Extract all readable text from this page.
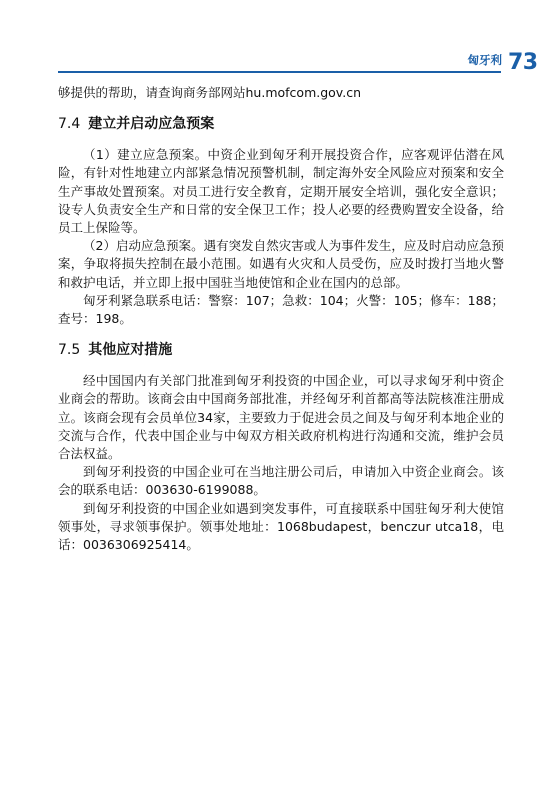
匈牙利 73

够提供的帮助，请查询商务部网站hu.mofcom.gov.cn

7.4 建立并启动应急预案

（1）建立应急预案。中资企业到匈牙利开展投资合作，应客观评估潜在风险，有针对性地建立内部紧急情况预警机制，制定海外安全风险应对预案和安全生产事故处置预案。对员工进行安全教育，定期开展安全培训，强化安全意识；设专人负责安全生产和日常的安全保卫工作；投人必要的经费购置安全设备，给员工上保险等。

（2）启动应急预案。遇有突发自然灾害或人为事件发生，应及时启动应急预案，争取将损失控制在最小范围。如遇有火灾和人员受伤，应及时拨打当地火警和救护电话，并立即上报中国驻当地使馆和企业在国内的总部。

匈牙利紧急联系电话：警察：107；急救：104；火警：105；修车：188；查号：198。

7.5 其他应对措施

经中国国内有关部门批准到匈牙利投资的中国企业，可以寻求匈牙利中资企业商会的帮助。该商会由中国商务部批准，并经匈牙利首都高等法院核准注册成立。该商会现有会员单位34家，主要致力于促进会员之间及与匈牙利本地企业的交流与合作，代表中国企业与中匈双方相关政府机构进行沟通和交流，维护会员合法权益。

到匈牙利投资的中国企业可在当地注册公司后，申请加入中资企业商会。该会的联系电话：003630-6199088。

到匈牙利投资的中国企业如遇到突发事件，可直接联系中国驻匈牙利大使馆领事处，寻求领事保护。领事处地址：1068budapest，benczur utca18，电话：0036306925414。
